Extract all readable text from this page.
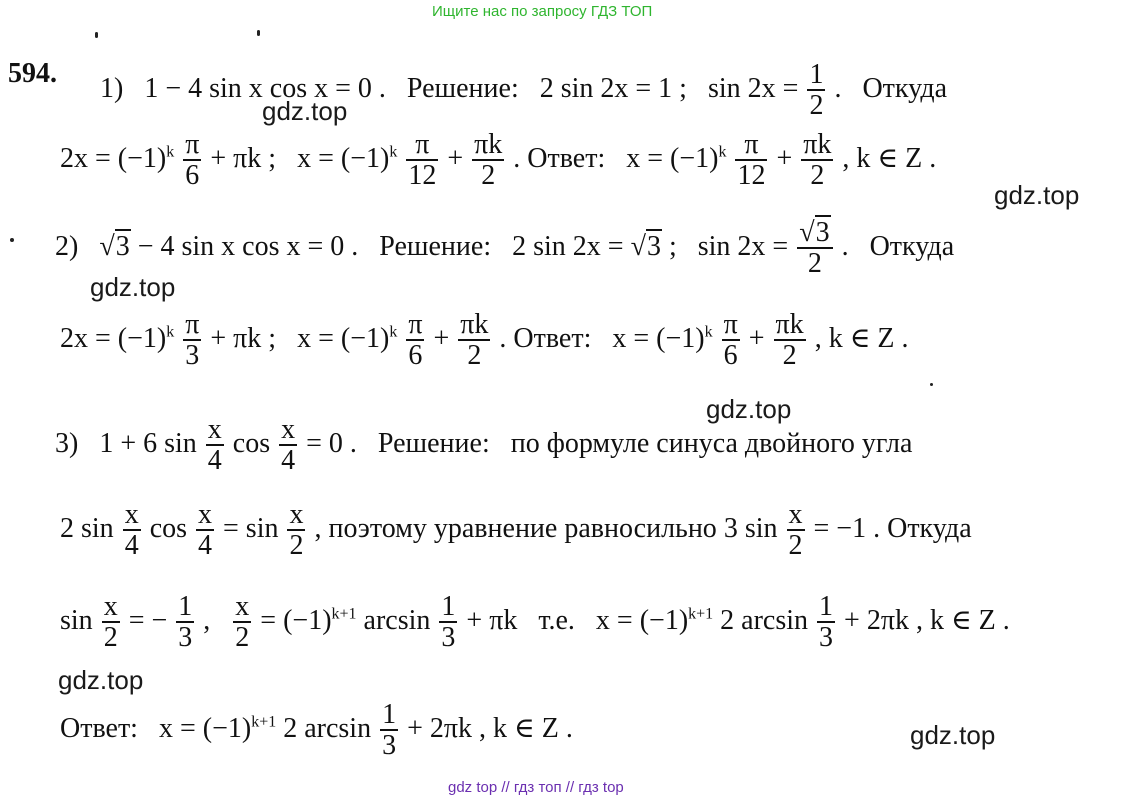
Ищите нас по запросу ГДЗ ТОП
594. 1) 1 − 4 sin x cos x = 0 . Решение: 2 sin 2x = 1 ; $\sin 2x = \frac{1}{2}$ . Откуда
gdz.top
$2x = (-1)^k \frac{\pi}{6} + \pi k$ ; $x = (-1)^k \frac{\pi}{12} + \frac{\pi k}{2}$ . Ответ: $x = (-1)^k \frac{\pi}{12} + \frac{\pi k}{2}$ , k ∈ Z .
gdz.top
2) √3 − 4 sin x cos x = 0 . Решение: 2 sin 2x = √3 ; $\sin 2x = \frac{√3}{2}$ . Откуда
gdz.top
$2x = (-1)^k \frac{\pi}{3} + \pi k$ ; $x = (-1)^k \frac{\pi}{6} + \frac{\pi k}{2}$ . Ответ: $x = (-1)^k \frac{\pi}{6} + \frac{\pi k}{2}$ , k ∈ Z .
gdz.top
3) 1 + 6 $\sin \frac{x}{4}$ $\cos \frac{x}{4} = 0$ . Решение: по формуле синуса двойного угла
2 $\sin \frac{x}{4}$ $\cos \frac{x}{4} = \sin \frac{x}{2}$ , поэтому уравнение равносильно 3 $\sin \frac{x}{2} = -1$ . Откуда
$\sin \frac{x}{2}$ = − $\frac{1}{3}$ , $\frac{x}{2} = (-1)^{k+1}$ $\arcsin \frac{1}{3} + \pi k$ т.е. $x = (-1)^{k+1}$ 2 $\arcsin \frac{1}{3} + 2\pi k$ , k ∈ Z .
gdz.top
Ответ: $x = (-1)^{k+1}$ 2 $\arcsin \frac{1}{3} + 2\pi k$ , k ∈ Z .	gdz.top
gdz top // гдз топ // гдз top
